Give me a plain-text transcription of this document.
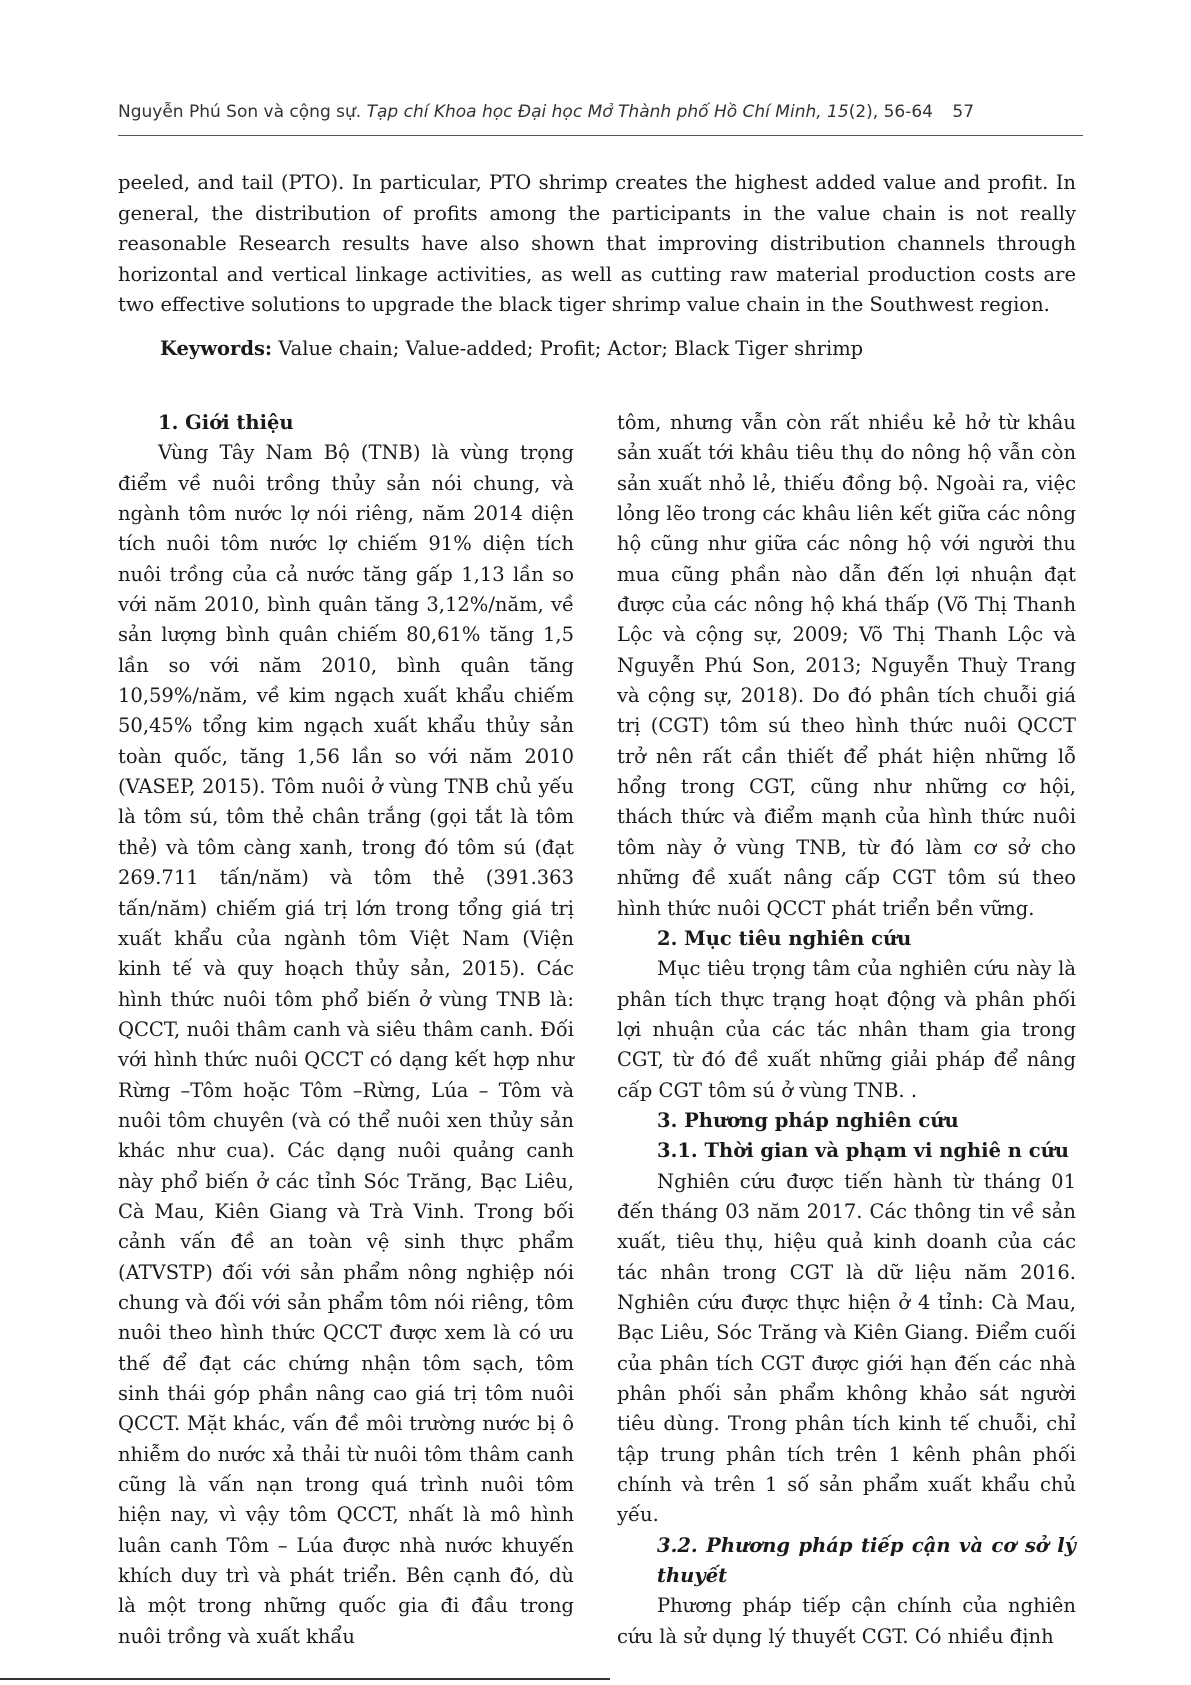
Nguyễn Phú Son và cộng sự. Tạp chí Khoa học Đại học Mở Thành phố Hồ Chí Minh, 15(2), 56-64 57
peeled, and tail (PTO). In particular, PTO shrimp creates the highest added value and profit. In general, the distribution of profits among the participants in the value chain is not really reasonable Research results have also shown that improving distribution channels through horizontal and vertical linkage activities, as well as cutting raw material production costs are two effective solutions to upgrade the black tiger shrimp value chain in the Southwest region.
Keywords: Value chain; Value-added; Profit; Actor; Black Tiger shrimp
1. Giới thiệu

Vùng Tây Nam Bộ (TNB) là vùng trọng điểm về nuôi trồng thủy sản nói chung, và ngành tôm nước lợ nói riêng, năm 2014 diện tích nuôi tôm nước lợ chiếm 91% diện tích nuôi trồng của cả nước tăng gấp 1,13 lần so với năm 2010, bình quân tăng 3,12%/năm, về sản lượng bình quân chiếm 80,61% tăng 1,5 lần so với năm 2010, bình quân tăng 10,59%/năm, về kim ngạch xuất khẩu chiếm 50,45% tổng kim ngạch xuất khẩu thủy sản toàn quốc, tăng 1,56 lần so với năm 2010 (VASEP, 2015). Tôm nuôi ở vùng TNB chủ yếu là tôm sú, tôm thẻ chân trắng (gọi tắt là tôm thẻ) và tôm càng xanh, trong đó tôm sú (đạt 269.711 tấn/năm) và tôm thẻ (391.363 tấn/năm) chiếm giá trị lớn trong tổng giá trị xuất khẩu của ngành tôm Việt Nam (Viện kinh tế và quy hoạch thủy sản, 2015). Các hình thức nuôi tôm phổ biến ở vùng TNB là: QCCT, nuôi thâm canh và siêu thâm canh. Đối với hình thức nuôi QCCT có dạng kết hợp như Rừng –Tôm hoặc Tôm –Rừng, Lúa – Tôm và nuôi tôm chuyên (và có thể nuôi xen thủy sản khác như cua). Các dạng nuôi quảng canh này phổ biến ở các tỉnh Sóc Trăng, Bạc Liêu, Cà Mau, Kiên Giang và Trà Vinh. Trong bối cảnh vấn đề an toàn vệ sinh thực phẩm (ATVSTP) đối với sản phẩm nông nghiệp nói chung và đối với sản phẩm tôm nói riêng, tôm nuôi theo hình thức QCCT được xem là có ưu thế để đạt các chứng nhận tôm sạch, tôm sinh thái góp phần nâng cao giá trị tôm nuôi QCCT. Mặt khác, vấn đề môi trường nước bị ô nhiễm do nước xả thải từ nuôi tôm thâm canh cũng là vấn nạn trong quá trình nuôi tôm hiện nay, vì vậy tôm QCCT, nhất là mô hình luân canh Tôm – Lúa được nhà nước khuyến khích duy trì và phát triển. Bên cạnh đó, dù là một trong những quốc gia đi đầu trong nuôi trồng và xuất khẩu

tôm, nhưng vẫn còn rất nhiều kẻ hở từ khâu sản xuất tới khâu tiêu thụ do nông hộ vẫn còn sản xuất nhỏ lẻ, thiếu đồng bộ. Ngoài ra, việc lỏng lẽo trong các khâu liên kết giữa các nông hộ cũng như giữa các nông hộ với người thu mua cũng phần nào dẫn đến lợi nhuận đạt được của các nông hộ khá thấp (Võ Thị Thanh Lộc và cộng sự, 2009; Võ Thị Thanh Lộc và Nguyễn Phú Son, 2013; Nguyễn Thuỳ Trang và cộng sự, 2018). Do đó phân tích chuỗi giá trị (CGT) tôm sú theo hình thức nuôi QCCT trở nên rất cần thiết để phát hiện những lỗ hổng trong CGT, cũng như những cơ hội, thách thức và điểm mạnh của hình thức nuôi tôm này ở vùng TNB, từ đó làm cơ sở cho những đề xuất nâng cấp CGT tôm sú theo hình thức nuôi QCCT phát triển bền vững.

2. Mục tiêu nghiên cứu

Mục tiêu trọng tâm của nghiên cứu này là phân tích thực trạng hoạt động và phân phối lợi nhuận của các tác nhân tham gia trong CGT, từ đó đề xuất những giải pháp để nâng cấp CGT tôm sú ở vùng TNB. .

3. Phương pháp nghiên cứu
3.1. Thời gian và phạm vi nghiê n cứu

Nghiên cứu được tiến hành từ tháng 01 đến tháng 03 năm 2017. Các thông tin về sản xuất, tiêu thụ, hiệu quả kinh doanh của các tác nhân trong CGT là dữ liệu năm 2016. Nghiên cứu được thực hiện ở 4 tỉnh: Cà Mau, Bạc Liêu, Sóc Trăng và Kiên Giang. Điểm cuối của phân tích CGT được giới hạn đến các nhà phân phối sản phẩm không khảo sát người tiêu dùng. Trong phân tích kinh tế chuỗi, chỉ tập trung phân tích trên 1 kênh phân phối chính và trên 1 số sản phẩm xuất khẩu chủ yếu.

3.2. Phương pháp tiếp cận và cơ sở lý thuyết

Phương pháp tiếp cận chính của nghiên cứu là sử dụng lý thuyết CGT. Có nhiều định
